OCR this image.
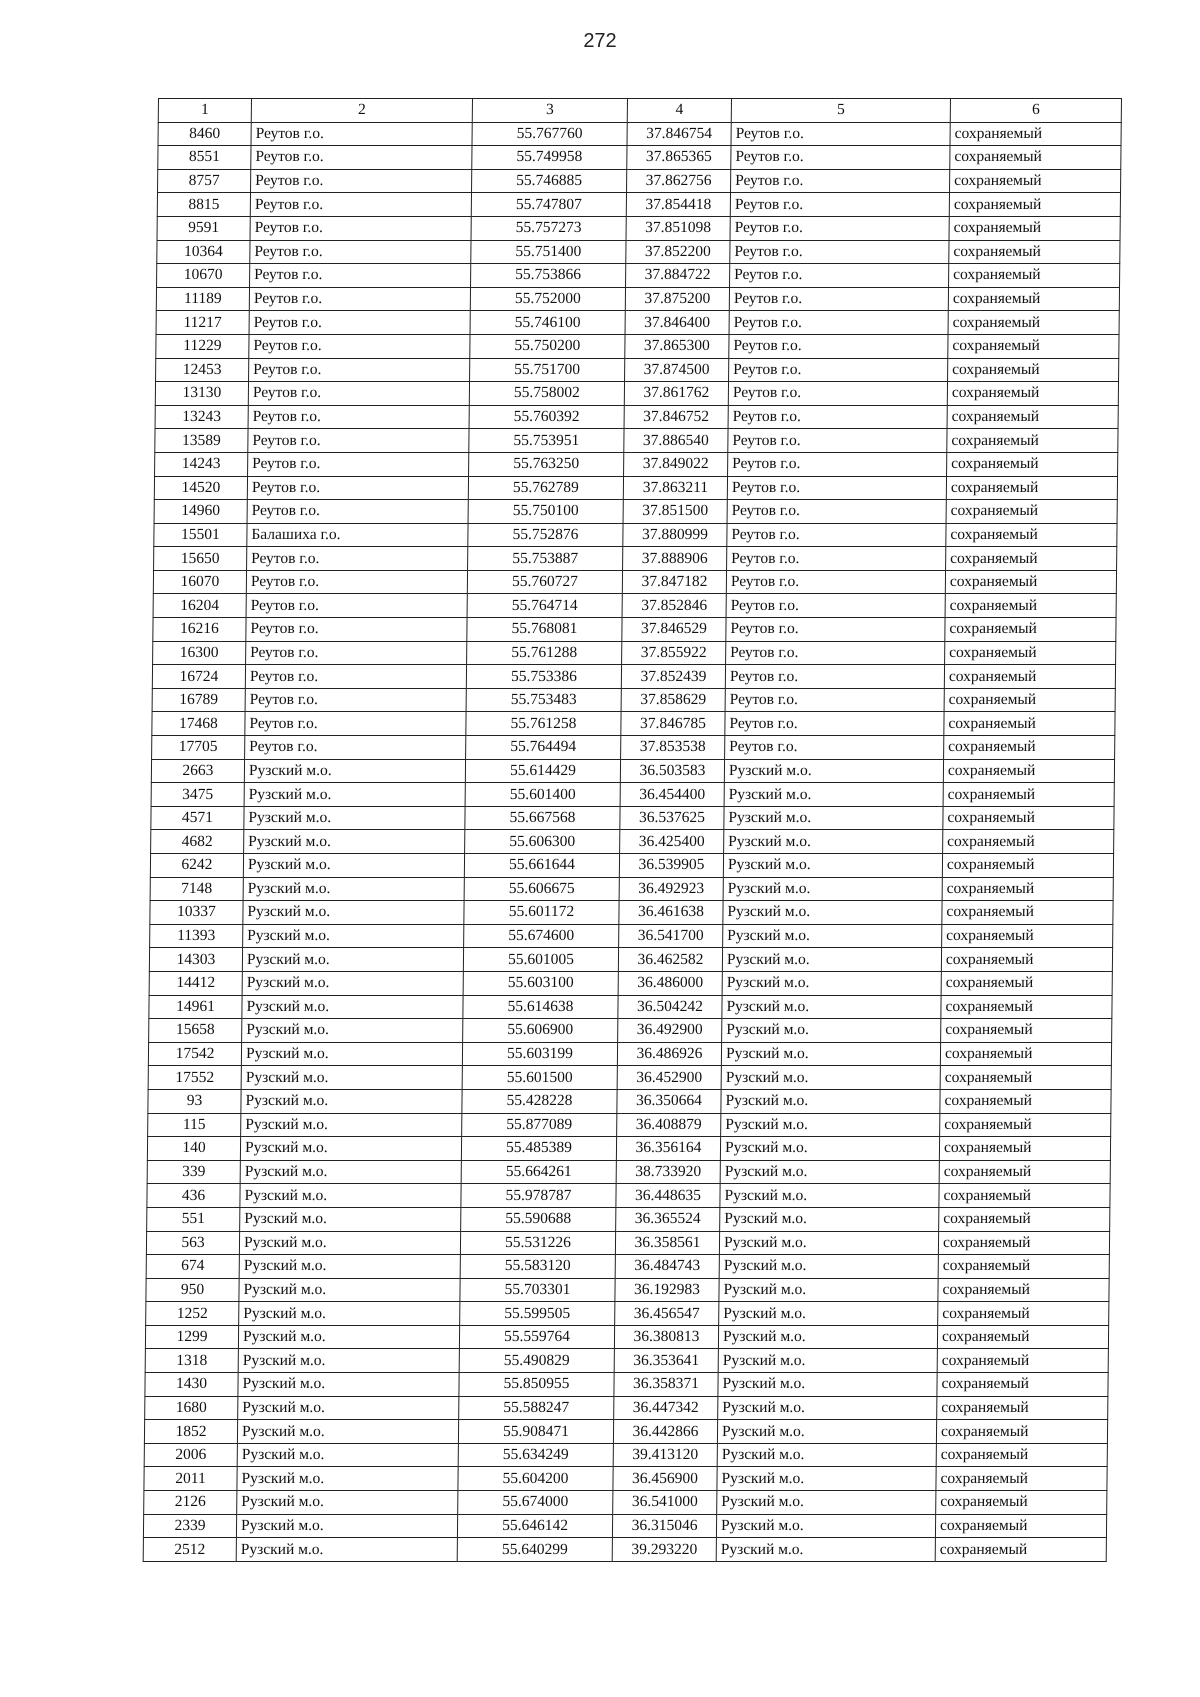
272
1	2	3	4	5	6
8460	Реутов г.о.	55.767760	37.846754	Реутов г.о.	сохраняемый
8551	Реутов г.о.	55.749958	37.865365	Реутов г.о.	сохраняемый
8757	Реутов г.о.	55.746885	37.862756	Реутов г.о.	сохраняемый
8815	Реутов г.о.	55.747807	37.854418	Реутов г.о.	сохраняемый
9591	Реутов г.о.	55.757273	37.851098	Реутов г.о.	сохраняемый
10364	Реутов г.о.	55.751400	37.852200	Реутов г.о.	сохраняемый
10670	Реутов г.о.	55.753866	37.884722	Реутов г.о.	сохраняемый
11189	Реутов г.о.	55.752000	37.875200	Реутов г.о.	сохраняемый
11217	Реутов г.о.	55.746100	37.846400	Реутов г.о.	сохраняемый
11229	Реутов г.о.	55.750200	37.865300	Реутов г.о.	сохраняемый
12453	Реутов г.о.	55.751700	37.874500	Реутов г.о.	сохраняемый
13130	Реутов г.о.	55.758002	37.861762	Реутов г.о.	сохраняемый
13243	Реутов г.о.	55.760392	37.846752	Реутов г.о.	сохраняемый
13589	Реутов г.о.	55.753951	37.886540	Реутов г.о.	сохраняемый
14243	Реутов г.о.	55.763250	37.849022	Реутов г.о.	сохраняемый
14520	Реутов г.о.	55.762789	37.863211	Реутов г.о.	сохраняемый
14960	Реутов г.о.	55.750100	37.851500	Реутов г.о.	сохраняемый
15501	Балашиха г.о.	55.752876	37.880999	Реутов г.о.	сохраняемый
15650	Реутов г.о.	55.753887	37.888906	Реутов г.о.	сохраняемый
16070	Реутов г.о.	55.760727	37.847182	Реутов г.о.	сохраняемый
16204	Реутов г.о.	55.764714	37.852846	Реутов г.о.	сохраняемый
16216	Реутов г.о.	55.768081	37.846529	Реутов г.о.	сохраняемый
16300	Реутов г.о.	55.761288	37.855922	Реутов г.о.	сохраняемый
16724	Реутов г.о.	55.753386	37.852439	Реутов г.о.	сохраняемый
16789	Реутов г.о.	55.753483	37.858629	Реутов г.о.	сохраняемый
17468	Реутов г.о.	55.761258	37.846785	Реутов г.о.	сохраняемый
17705	Реутов г.о.	55.764494	37.853538	Реутов г.о.	сохраняемый
2663	Рузский м.о.	55.614429	36.503583	Рузский м.о.	сохраняемый
3475	Рузский м.о.	55.601400	36.454400	Рузский м.о.	сохраняемый
4571	Рузский м.о.	55.667568	36.537625	Рузский м.о.	сохраняемый
4682	Рузский м.о.	55.606300	36.425400	Рузский м.о.	сохраняемый
6242	Рузский м.о.	55.661644	36.539905	Рузский м.о.	сохраняемый
7148	Рузский м.о.	55.606675	36.492923	Рузский м.о.	сохраняемый
10337	Рузский м.о.	55.601172	36.461638	Рузский м.о.	сохраняемый
11393	Рузский м.о.	55.674600	36.541700	Рузский м.о.	сохраняемый
14303	Рузский м.о.	55.601005	36.462582	Рузский м.о.	сохраняемый
14412	Рузский м.о.	55.603100	36.486000	Рузский м.о.	сохраняемый
14961	Рузский м.о.	55.614638	36.504242	Рузский м.о.	сохраняемый
15658	Рузский м.о.	55.606900	36.492900	Рузский м.о.	сохраняемый
17542	Рузский м.о.	55.603199	36.486926	Рузский м.о.	сохраняемый
17552	Рузский м.о.	55.601500	36.452900	Рузский м.о.	сохраняемый
93	Рузский м.о.	55.428228	36.350664	Рузский м.о.	сохраняемый
115	Рузский м.о.	55.877089	36.408879	Рузский м.о.	сохраняемый
140	Рузский м.о.	55.485389	36.356164	Рузский м.о.	сохраняемый
339	Рузский м.о.	55.664261	38.733920	Рузский м.о.	сохраняемый
436	Рузский м.о.	55.978787	36.448635	Рузский м.о.	сохраняемый
551	Рузский м.о.	55.590688	36.365524	Рузский м.о.	сохраняемый
563	Рузский м.о.	55.531226	36.358561	Рузский м.о.	сохраняемый
674	Рузский м.о.	55.583120	36.484743	Рузский м.о.	сохраняемый
950	Рузский м.о.	55.703301	36.192983	Рузский м.о.	сохраняемый
1252	Рузский м.о.	55.599505	36.456547	Рузский м.о.	сохраняемый
1299	Рузский м.о.	55.559764	36.380813	Рузский м.о.	сохраняемый
1318	Рузский м.о.	55.490829	36.353641	Рузский м.о.	сохраняемый
1430	Рузский м.о.	55.850955	36.358371	Рузский м.о.	сохраняемый
1680	Рузский м.о.	55.588247	36.447342	Рузский м.о.	сохраняемый
1852	Рузский м.о.	55.908471	36.442866	Рузский м.о.	сохраняемый
2006	Рузский м.о.	55.634249	39.413120	Рузский м.о.	сохраняемый
2011	Рузский м.о.	55.604200	36.456900	Рузский м.о.	сохраняемый
2126	Рузский м.о.	55.674000	36.541000	Рузский м.о.	сохраняемый
2339	Рузский м.о.	55.646142	36.315046	Рузский м.о.	сохраняемый
2512	Рузский м.о.	55.640299	39.293220	Рузский м.о.	сохраняемый
